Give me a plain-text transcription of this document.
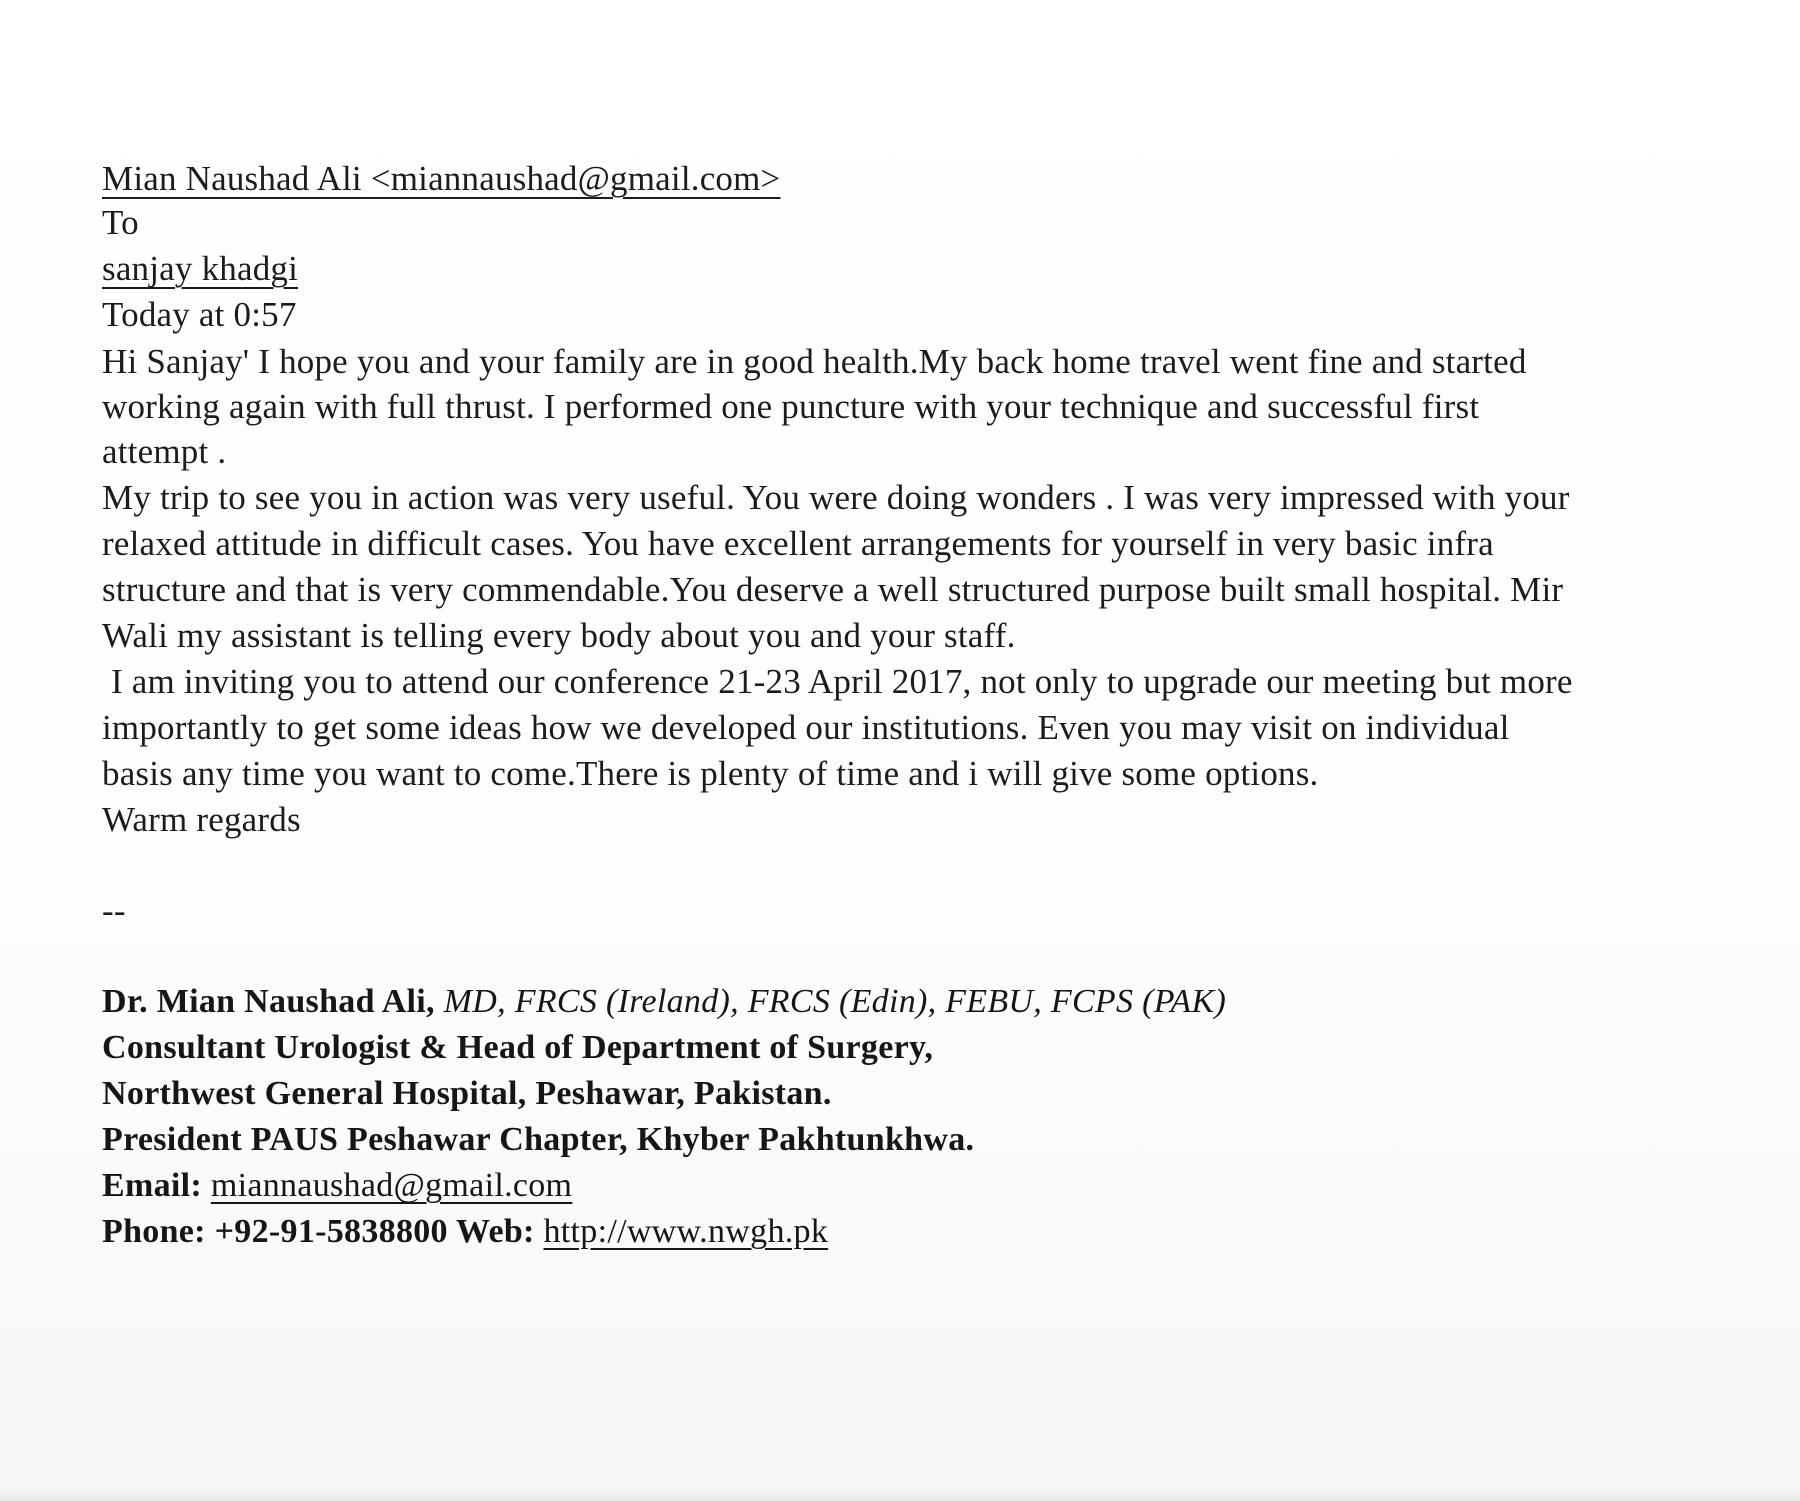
Mian Naushad Ali <miannaushad@gmail.com>
To
sanjay khadgi
Today at 0:57
Hi Sanjay' I hope you and your family are in good health.My back home travel went fine and started
working again with full thrust. I performed one puncture with your technique and successful first
attempt .
My trip to see you in action was very useful. You were doing wonders . I was very impressed with your
relaxed attitude in difficult cases. You have excellent arrangements for yourself in very basic infra
structure and that is very commendable.You deserve a well structured purpose built small hospital. Mir
Wali my assistant is telling every body about you and your staff.
I am inviting you to attend our conference 21-23 April 2017, not only to upgrade our meeting but more
importantly to get some ideas how we developed our institutions. Even you may visit on individual
basis any time you want to come.There is plenty of time and i will give some options.
Warm regards
--
Dr. Mian Naushad Ali, MD, FRCS (Ireland), FRCS (Edin), FEBU, FCPS (PAK)
Consultant Urologist & Head of Department of Surgery,
Northwest General Hospital, Peshawar, Pakistan.
President PAUS Peshawar Chapter, Khyber Pakhtunkhwa.
Email: miannaushad@gmail.com
Phone: +92-91-5838800 Web: http://www.nwgh.pk
